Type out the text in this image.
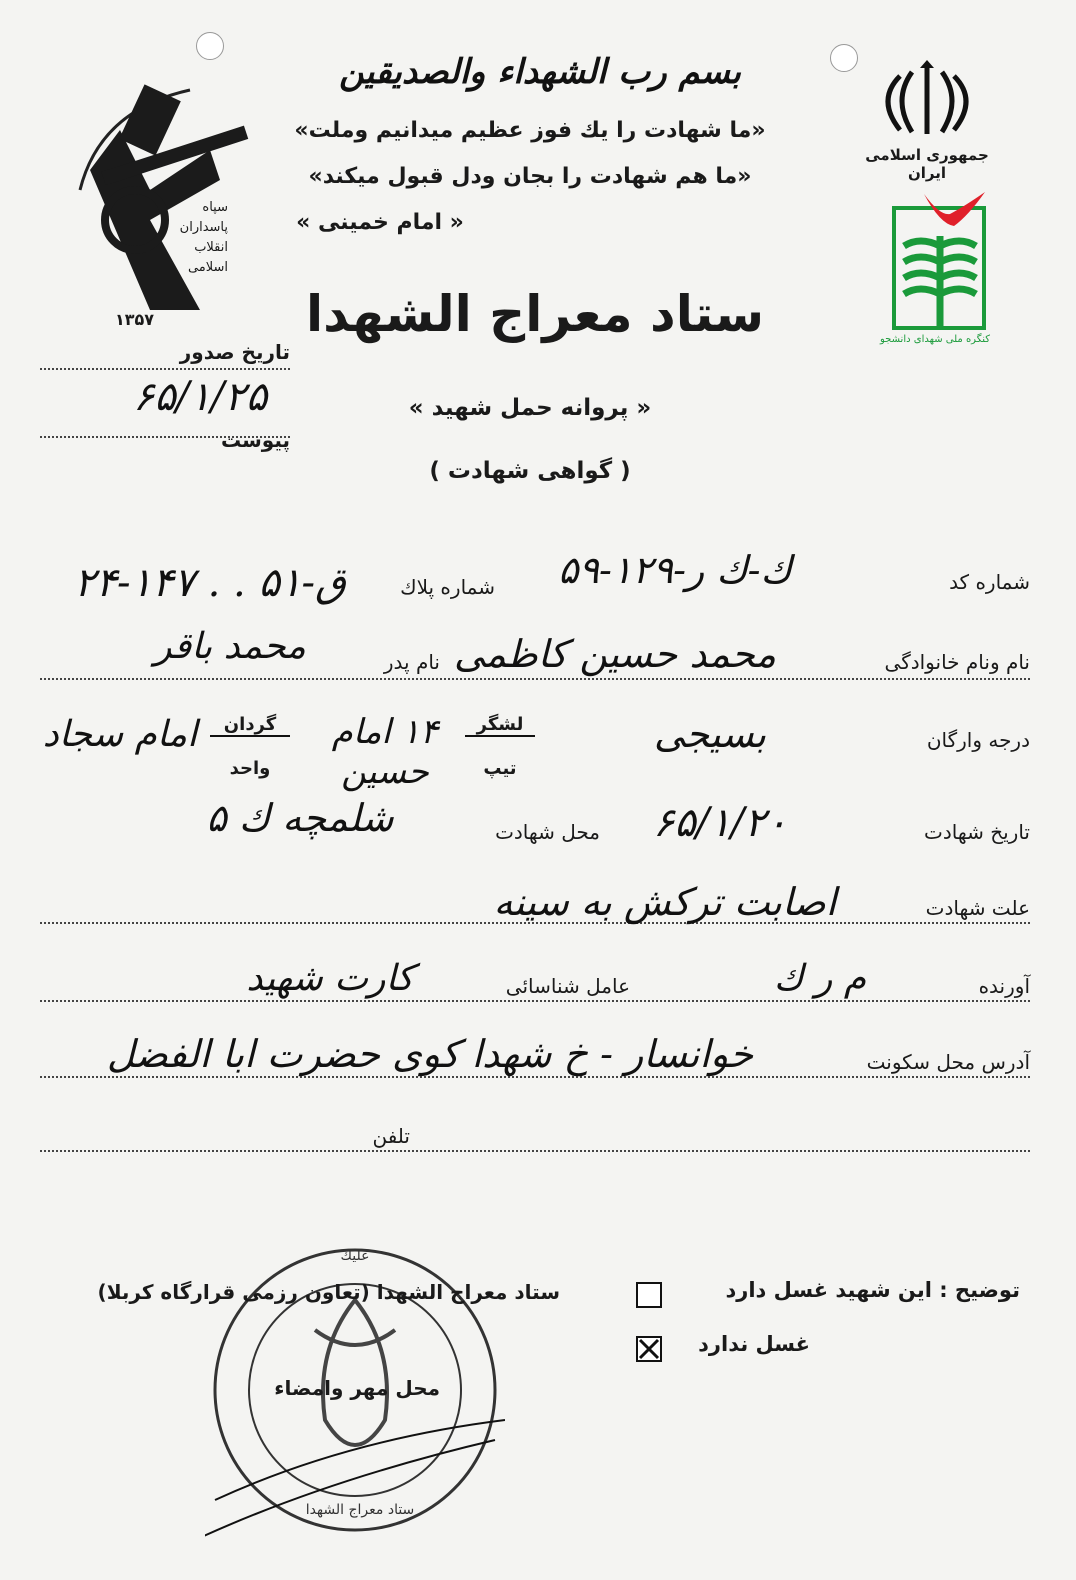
سپاه پاسداران انقلاب اسلامی
۱۳۵۷
جمهوری اسلامی ایران
کنگره ملی شهدای دانشجو
بسم رب الشهداء والصدیقین
«ما شهادت را یك فوز عظیم میدانیم وملت»
«ما هم شهادت را بجان ودل قبول میكند»
« امام خمینی »
تاریخ صدور
۶۵/۱/۲۵
پیوست
ستاد معراج الشهدا
« پروانه حمل شهید »
( گواهی شهادت )
شماره کد
۵۹-۱۲۹-ك-ك ر
شماره پلاك
۲۴-۱۴۷ . . ق-۵۱
نام ونام خانوادگی
محمد حسین کاظمی
نام پدر
محمد باقر
درجه وارگان
بسیجی
لشگر
تیپ
۱۴ امام حسین
گردان
واحد
امام سجاد
تاریخ شهادت
۶۵/۱/۲۰
محل شهادت
شلمچه ك ۵
علت شهادت
اصابت ترکش به سینه
آورنده
م ر ك
عامل شناسائی
کارت شهید
آدرس محل سکونت
خوانسار - خ شهدا کوی حضرت ابا الفضل
تلفن
علیك
ستاد معراج الشهدا
ستاد معراج الشهدا (تعاون رزمی قرارگاه کربلا)
محل مهر وامضاء
توضیح : این شهید غسل دارد
غسل ندارد
